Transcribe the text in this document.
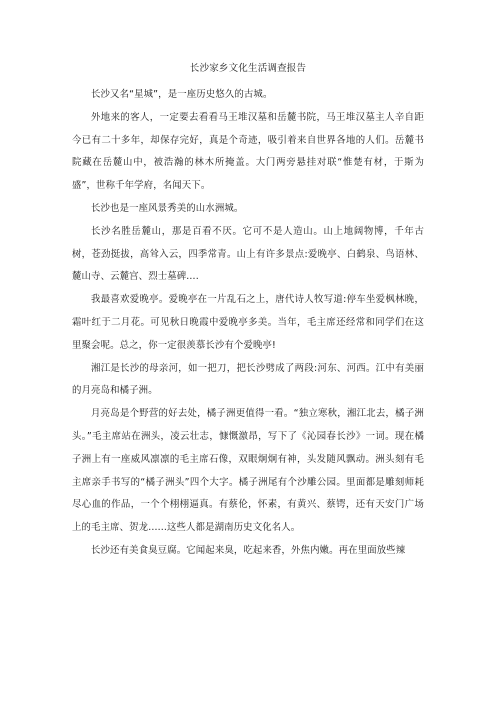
长沙家乡文化生活调查报告

长沙又名“星城”，是一座历史悠久的古城。

外地来的客人，一定要去看看马王堆汉墓和岳麓书院，马王堆汉墓主人辛自距今已有二十多年，却保存完好，真是个奇迹，吸引着来自世界各地的人们。岳麓书院藏在岳麓山中，被浩瀚的林木所掩盖。大门两旁悬挂对联“惟楚有材，于斯为盛”，世称千年学府，名闻天下。

长沙也是一座风景秀美的山水洲城。

长沙名胜岳麓山，那是百看不厌。它可不是人造山。山上地阔物博，千年古树，苍劲挺拔，高耸入云，四季常青。山上有许多景点:爱晚亭、白鹤泉、鸟语林、麓山寺、云麓宫、烈士墓碑....

我最喜欢爱晚亭。爱晚亭在一片乱石之上，唐代诗人牧写道:停车坐爱枫林晚，霜叶红于二月花。可见秋日晚霞中爱晚亭多美。当年，毛主席还经常和同学们在这里聚会呢。总之，你一定很羡慕长沙有个爱晚亭!

湘江是长沙的母亲河，如一把刀，把长沙劈成了两段:河东、河西。江中有美丽的月亮岛和橘子洲。

月亮岛是个野营的好去处，橘子洲更值得一看。“独立寒秋，湘江北去，橘子洲头。”毛主席站在洲头，凌云壮志，慷慨激昂，写下了《沁园春长沙》一词。现在橘子洲上有一座威风凛凛的毛主席石像，双眼炯炯有神，头发随风飘动。洲头刻有毛主席亲手书写的“橘子洲头”四个大字。橘子洲尾有个沙雕公园。里面都是雕刻师耗尽心血的作品，一个个栩栩逼真。有蔡伦，怀素，有黄兴、蔡锷，还有天安门广场上的毛主席、贺龙......这些人都是湖南历史文化名人。

长沙还有美食臭豆腐。它闻起来臭，吃起来香，外焦内嫩。再在里面放些辣
